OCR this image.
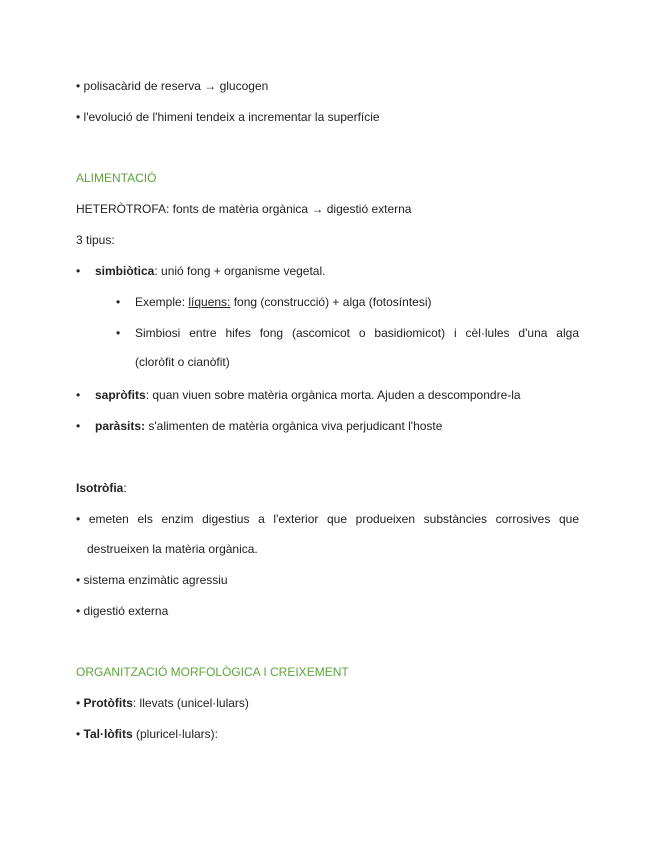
• polisacàrid de reserva → glucogen
• l'evolució de l'himeni tendeix a incrementar la superfície
ALIMENTACIÓ
HETERÒTROFA: fonts de matèria orgànica → digestió externa
3 tipus:
• simbiòtica: unió fong + organisme vegetal.
• Exemple: líquens: fong (construcció) + alga (fotosíntesi)
• Simbiosi entre hifes fong (ascomicot o basidiomicot) i cèl·lules d'una alga
(cloròfit o cianòfit)
• sapròfits: quan viuen sobre matèria orgànica morta. Ajuden a descompondre-la
• paràsits: s'alimenten de matèria orgànica viva perjudicant l'hoste
Isotròfia:
• emeten els enzim digestius a l'exterior que produeixen substàncies corrosives que
destrueixen la matèria orgànica.
• sistema enzimàtic agressiu
• digestió externa
ORGANITZACIÓ MORFOLÒGICA I CREIXEMENT
• Protòfits: llevats (unicel·lulars)
• Tal·lòfits (pluricel·lulars):
